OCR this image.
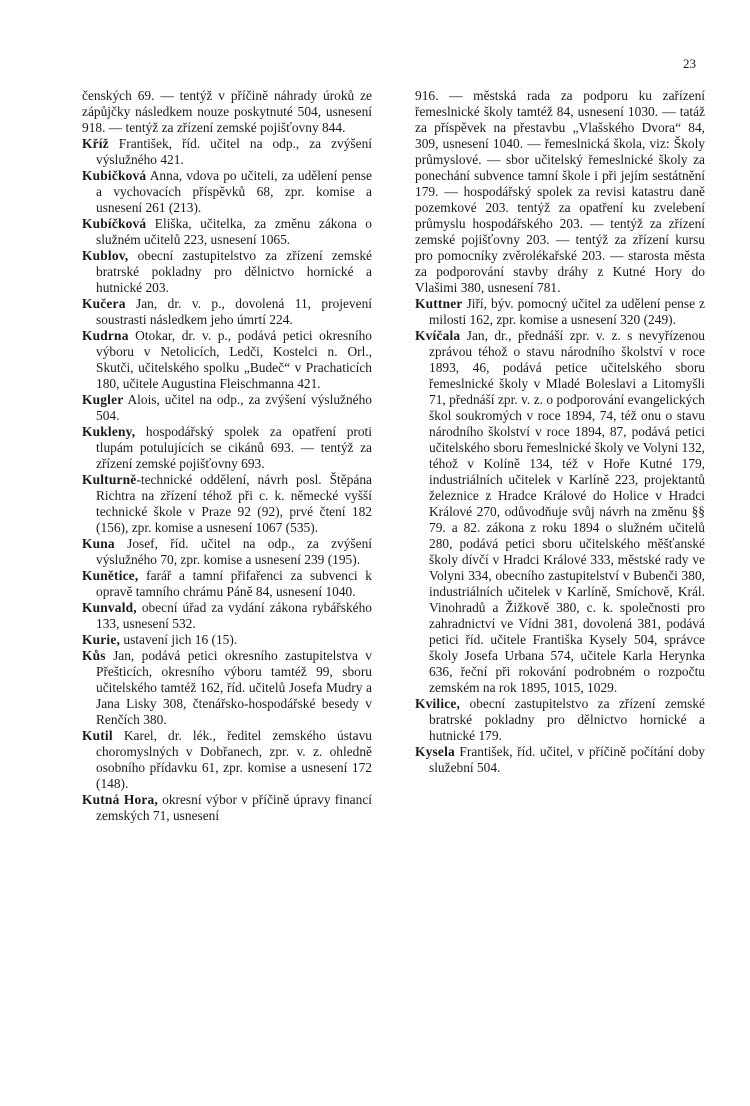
23

čenských 69. — tentýž v příčině náhrady úroků ze zápůjčky následkem nouze poskytnuté 504, usnesení 918. — tentýž za zřízení zemské pojišťovny 844.

Kříž František, říd. učitel na odp., za zvýšení výslužného 421.

Kubičková Anna, vdova po učiteli, za udělení pense a vychovacích příspěvků 68, zpr. komise a usnesení 261 (213).

Kubíčková Eliška, učitelka, za změnu zákona o služném učitelů 223, usnesení 1065.

Kublov, obecní zastupitelstvo za zřízení zemské bratrské pokladny pro dělnictvo hornické a hutnické 203.

Kučera Jan, dr. v. p., dovolená 11, projevení soustrasti následkem jeho úmrtí 224.

Kudrna Otokar, dr. v. p., podává petici okresního výboru v Netolicích, Ledči, Kostelci n. Orl., Skutči, učitelského spolku „Budeč“ v Prachaticích 180, učitele Augustina Fleischmanna 421.

Kugler Alois, učitel na odp., za zvýšení výslužného 504.

Kukleny, hospodářský spolek za opatření proti tlupám potulujících se cikánů 693. — tentýž za zřízení zemské pojišťovny 693.

Kulturně-technické oddělení, návrh posl. Štěpána Richtra na zřízení téhož při c. k. německé vyšší technické škole v Praze 92 (92), prvé čtení 182 (156), zpr. komise a usnesení 1067 (535).

Kuna Josef, říd. učitel na odp., za zvýšení výslužného 70, zpr. komise a usnesení 239 (195).

Kunětice, farář a tamní přifařenci za subvenci k opravě tamního chrámu Páně 84, usnesení 1040.

Kunvald, obecní úřad za vydání zákona rybářského 133, usnesení 532.

Kurie, ustavení jich 16 (15).

Kůs Jan, podává petici okresního zastupitelstva v Přešticích, okresního výboru tamtéž 99, sboru učitelského tamtéž 162, říd. učitelů Josefa Mudry a Jana Lisky 308, čtenářsko-hospodářské besedy v Renčích 380.

Kutil Karel, dr. lék., ředitel zemského ústavu choromyslných v Dobřanech, zpr. v. z. ohledně osobního přídavku 61, zpr. komise a usnesení 172 (148).

Kutná Hora, okresní výbor v příčině úpravy financí zemských 71, usnesení

916. — městská rada za podporu ku zařízení řemeslnické školy tamtéž 84, usnesení 1030. — tatáž za příspěvek na přestavbu „Vlašského Dvora“ 84, 309, usnesení 1040. — řemeslnická škola, viz: Školy průmyslové. — sbor učitelský řemeslnické školy za ponechání subvence tamní škole i při jejím sestátnění 179. — hospodářský spolek za revisi katastru daně pozemkové 203. tentýž za opatření ku zvelebení průmyslu hospodářského 203. — tentýž za zřízení zemské pojišťovny 203. — tentýž za zřízení kursu pro pomocníky zvěrolékařské 203. — starosta města za podporování stavby dráhy z Kutné Hory do Vlašimi 380, usnesení 781.

Kuttner Jiří, býv. pomocný učitel za udělení pense z milosti 162, zpr. komise a usnesení 320 (249).

Kvíčala Jan, dr., přednáší zpr. v. z. s nevyřízenou zprávou téhož o stavu národního školství v roce 1893, 46, podává petice učitelského sboru řemeslnické školy v Mladé Boleslavi a Litomyšli 71, přednáší zpr. v. z. o podporování evangelických škol soukromých v roce 1894, 74, též onu o stavu národního školství v roce 1894, 87, podává petici učitelského sboru řemeslnické školy ve Volyni 132, téhož v Kolíně 134, též v Hoře Kutné 179, industriálních učitelek v Karlíně 223, projektantů železnice z Hradce Králové do Holice v Hradci Králové 270, odůvodňuje svůj návrh na změnu §§ 79. a 82. zákona z roku 1894 o služném učitelů 280, podává petici sboru učitelského měšťanské školy dívčí v Hradci Králové 333, městské rady ve Volyni 334, obecního zastupitelství v Bubenči 380, industriálních učitelek v Karlíně, Smíchově, Král. Vinohradů a Žižkově 380, c. k. společnosti pro zahradnictví ve Vídni 381, dovolená 381, podává petici říd. učitele Františka Kysely 504, správce školy Josefa Urbana 574, učitele Karla Herynka 636, řeční při rokování podrobném o rozpočtu zemském na rok 1895, 1015, 1029.

Kvilice, obecní zastupitelstvo za zřízení zemské bratrské pokladny pro dělnictvo hornické a hutnické 179.

Kysela František, říd. učitel, v příčině počítání doby služební 504.
